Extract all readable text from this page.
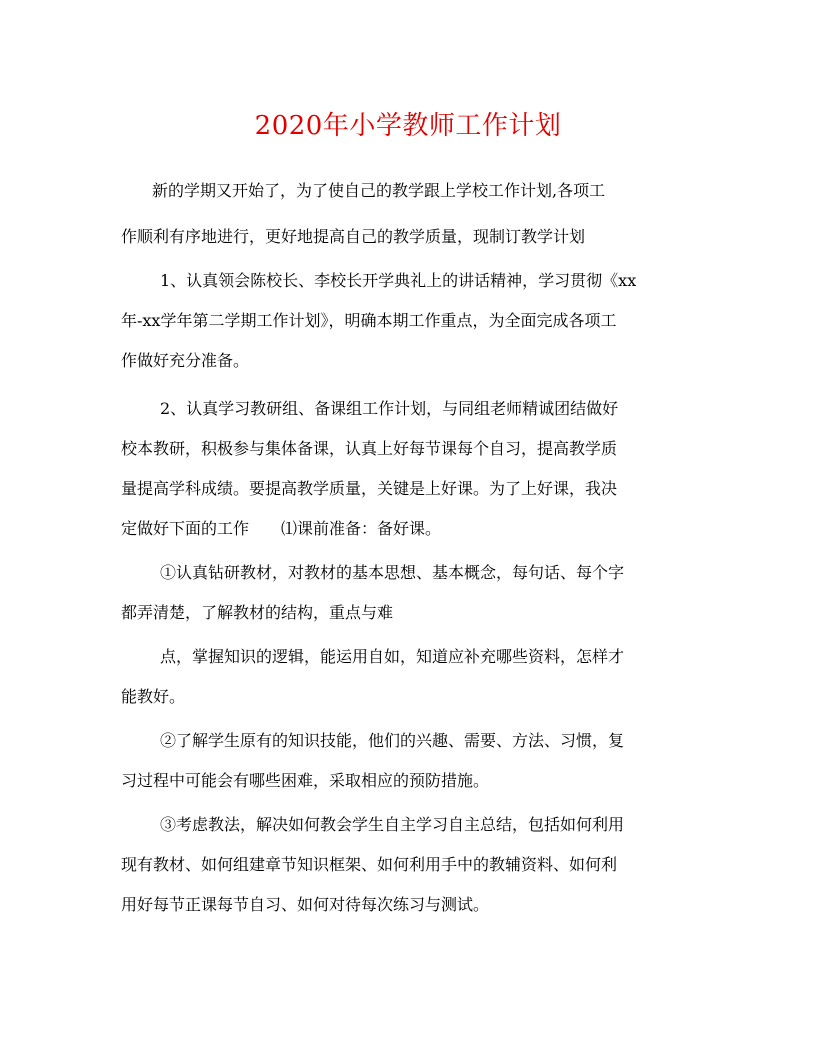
2020年小学教师工作计划
新的学期又开始了，为了使自己的教学跟上学校工作计划,各项工
作顺利有序地进行，更好地提高自己的教学质量，现制订教学计划
1、认真领会陈校长、李校长开学典礼上的讲话精神，学习贯彻《xx
年-xx学年第二学期工作计划》，明确本期工作重点，为全面完成各项工
作做好充分准备。
2、认真学习教研组、备课组工作计划，与同组老师精诚团结做好
校本教研，积极参与集体备课，认真上好每节课每个自习，提高教学质
量提高学科成绩。要提高教学质量，关键是上好课。为了上好课，我决
定做好下面的工作　　⑴课前准备：备好课。
①认真钻研教材，对教材的基本思想、基本概念，每句话、每个字
都弄清楚，了解教材的结构，重点与难
点，掌握知识的逻辑，能运用自如，知道应补充哪些资料，怎样才
能教好。
②了解学生原有的知识技能，他们的兴趣、需要、方法、习惯，复
习过程中可能会有哪些困难，采取相应的预防措施。
③考虑教法，解决如何教会学生自主学习自主总结，包括如何利用
现有教材、如何组建章节知识框架、如何利用手中的教辅资料、如何利
用好每节正课每节自习、如何对待每次练习与测试。
